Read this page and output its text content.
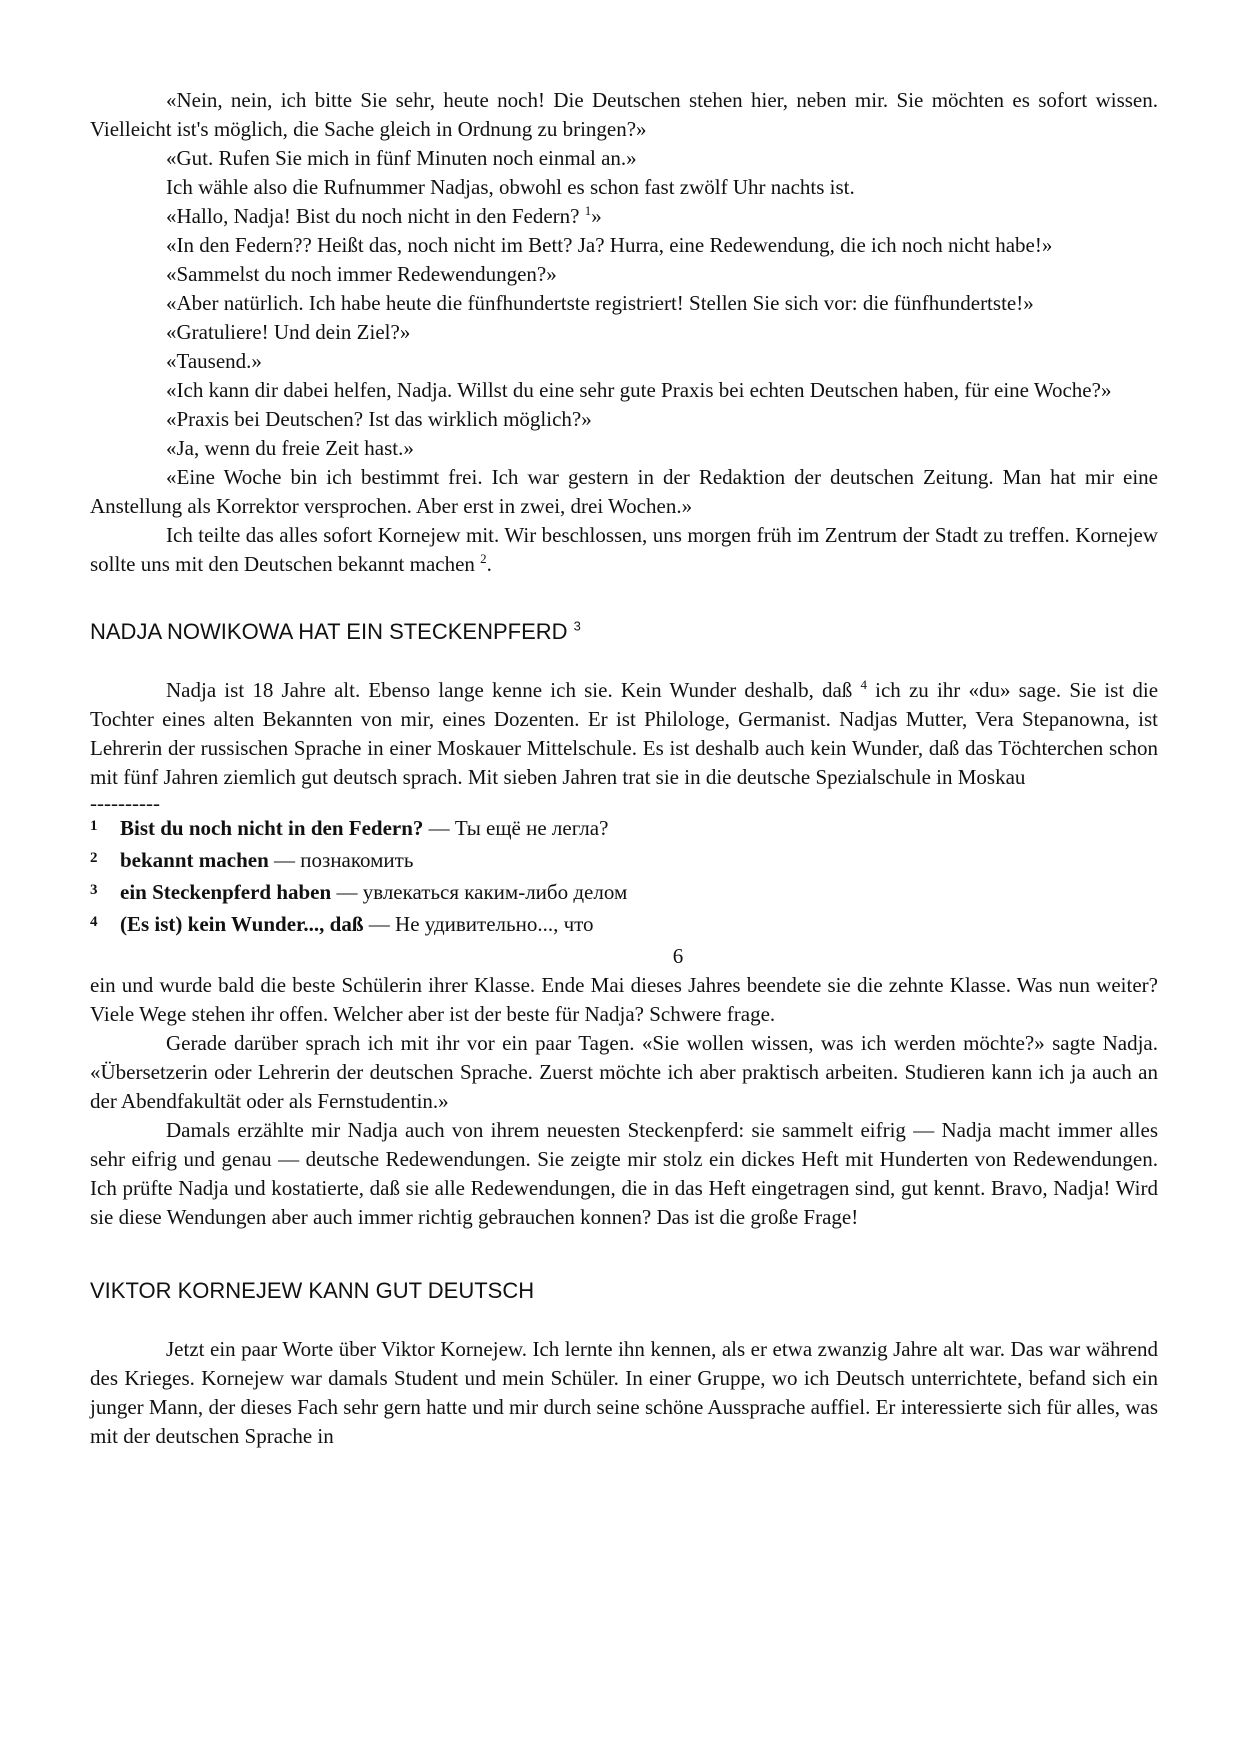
«Nein, nein, ich bitte Sie sehr, heute noch! Die Deutschen stehen hier, neben mir. Sie möchten es sofort wissen. Vielleicht ist's möglich, die Sache gleich in Ordnung zu bringen?»

«Gut. Rufen Sie mich in fünf Minuten noch einmal an.»

Ich wähle also die Rufnummer Nadjas, obwohl es schon fast zwölf Uhr nachts ist.

«Hallo, Nadja! Bist du noch nicht in den Federn? $^1$»

«In den Federn?? Heißt das, noch nicht im Bett? Ja? Hurra, eine Redewendung, die ich noch nicht habe!»

«Sammelst du noch immer Redewendungen?»

«Aber natürlich. Ich habe heute die fünfhundertste registriert! Stellen Sie sich vor: die fünfhundertste!»

«Gratuliere! Und dein Ziel?»

«Tausend.»

«Ich kann dir dabei helfen, Nadja. Willst du eine sehr gute Praxis bei echten Deutschen haben, für eine Woche?»

«Praxis bei Deutschen? Ist das wirklich möglich?»

«Ja, wenn du freie Zeit hast.»

«Eine Woche bin ich bestimmt frei. Ich war gestern in der Redaktion der deutschen Zeitung. Man hat mir eine Anstellung als Korrektor versprochen. Aber erst in zwei, drei Wochen.»

Ich teilte das alles sofort Kornejew mit. Wir beschlossen, uns morgen früh im Zentrum der Stadt zu treffen. Kornejew sollte uns mit den Deutschen bekannt machen $^2$.

NADJA NOWIKOWA HAT EIN STECKENPFERD $^3$

Nadja ist 18 Jahre alt. Ebenso lange kenne ich sie. Kein Wunder deshalb, daß $^4$ ich zu ihr «du» sage. Sie ist die Tochter eines alten Bekannten von mir, eines Dozenten. Er ist Philologe, Germanist. Nadjas Mutter, Vera Stepanowna, ist Lehrerin der russischen Sprache in einer Moskauer Mittelschule. Es ist deshalb auch kein Wunder, daß das Töchterchen schon mit fünf Jahren ziemlich gut deutsch sprach. Mit sieben Jahren trat sie in die deutsche Spezialschule in Moskau

----------

1	Bist du noch nicht in den Federn? — Ты ещё не легла?
2	bekannt machen — познакомить
3	ein Steckenpferd haben — увлекаться каким-либо делом
4	(Es ist) kein Wunder..., daß — Не удивительно..., что

6

ein und wurde bald die beste Schülerin ihrer Klasse. Ende Mai dieses Jahres beendete sie die zehnte Klasse. Was nun weiter? Viele Wege stehen ihr offen. Welcher aber ist der beste für Nadja? Schwere frage.

Gerade darüber sprach ich mit ihr vor ein paar Tagen. «Sie wollen wissen, was ich werden möchte?» sagte Nadja. «Übersetzerin oder Lehrerin der deutschen Sprache. Zuerst möchte ich aber praktisch arbeiten. Studieren kann ich ja auch an der Abendfakultät oder als Fernstudentin.»

Damals erzählte mir Nadja auch von ihrem neuesten Steckenpferd: sie sammelt eifrig — Nadja macht immer alles sehr eifrig und genau — deutsche Redewendungen. Sie zeigte mir stolz ein dickes Heft mit Hunderten von Redewendungen. Ich prüfte Nadja und kostatierte, daß sie alle Redewendungen, die in das Heft eingetragen sind, gut kennt. Bravo, Nadja! Wird sie diese Wendungen aber auch immer richtig gebrauchen konnen? Das ist die große Frage!

VIKTOR KORNEJEW KANN GUT DEUTSCH

Jetzt ein paar Worte über Viktor Kornejew. Ich lernte ihn kennen, als er etwa zwanzig Jahre alt war. Das war während des Krieges. Kornejew war damals Student und mein Schüler. In einer Gruppe, wo ich Deutsch unterrichtete, befand sich ein junger Mann, der dieses Fach sehr gern hatte und mir durch seine schöne Aussprache auffiel. Er interessierte sich für alles, was mit der deutschen Sprache in
